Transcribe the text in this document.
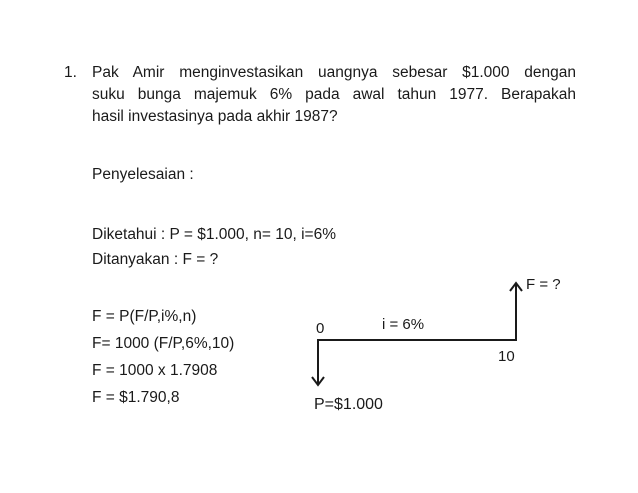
1. Pak Amir menginvestasikan uangnya sebesar $1.000 dengan
suku bunga majemuk 6% pada awal tahun 1977. Berapakah
hasil investasinya pada akhir 1987?
Penyelesaian :
Diketahui : P = $1.000, n= 10, i=6%
Ditanyakan : F = ?
F = P(F/P,i%,n)
F= 1000 (F/P,6%,10)
F = 1000 x 1.7908
F = $1.790,8
0	i = 6%
10
P=$1.000
F = ?
